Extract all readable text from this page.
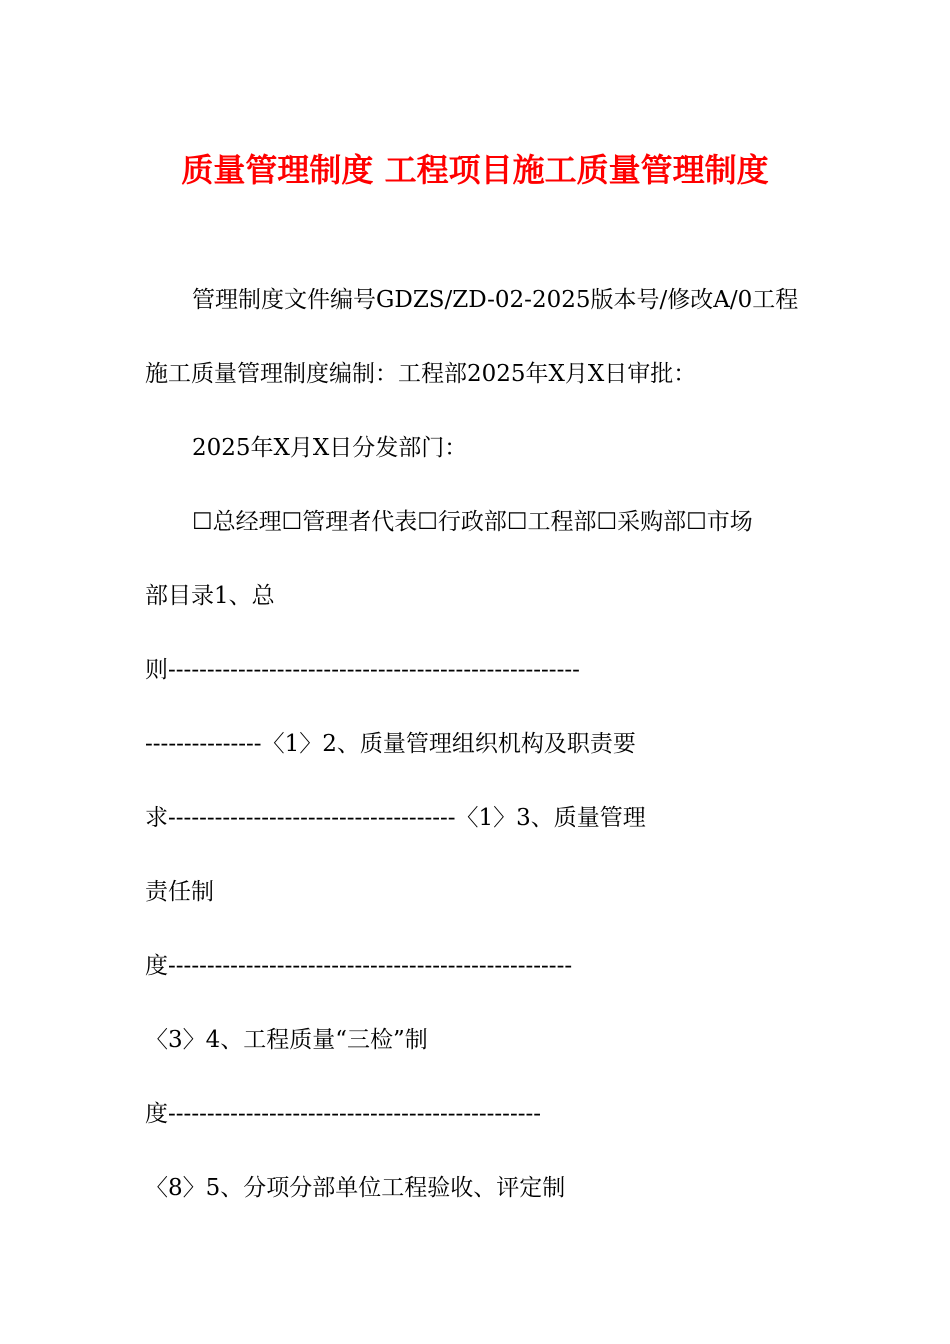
质量管理制度 工程项目施工质量管理制度
管理制度文件编号GDZS/ZD-02-2025版本号/修改A/0工程
施工质量管理制度编制：工程部2025年X月X日审批：
2025年X月X日分发部门：
☐总经理☐管理者代表☐行政部☐工程部☐采购部☐市场
部目录1、总
则-----------------------------------------------------
---------------〈1〉2、质量管理组织机构及职责要
求-------------------------------------〈1〉3、质量管理
责任制
度----------------------------------------------------
〈3〉4、工程质量“三检”制
度------------------------------------------------
〈8〉5、分项分部单位工程验收、评定制
